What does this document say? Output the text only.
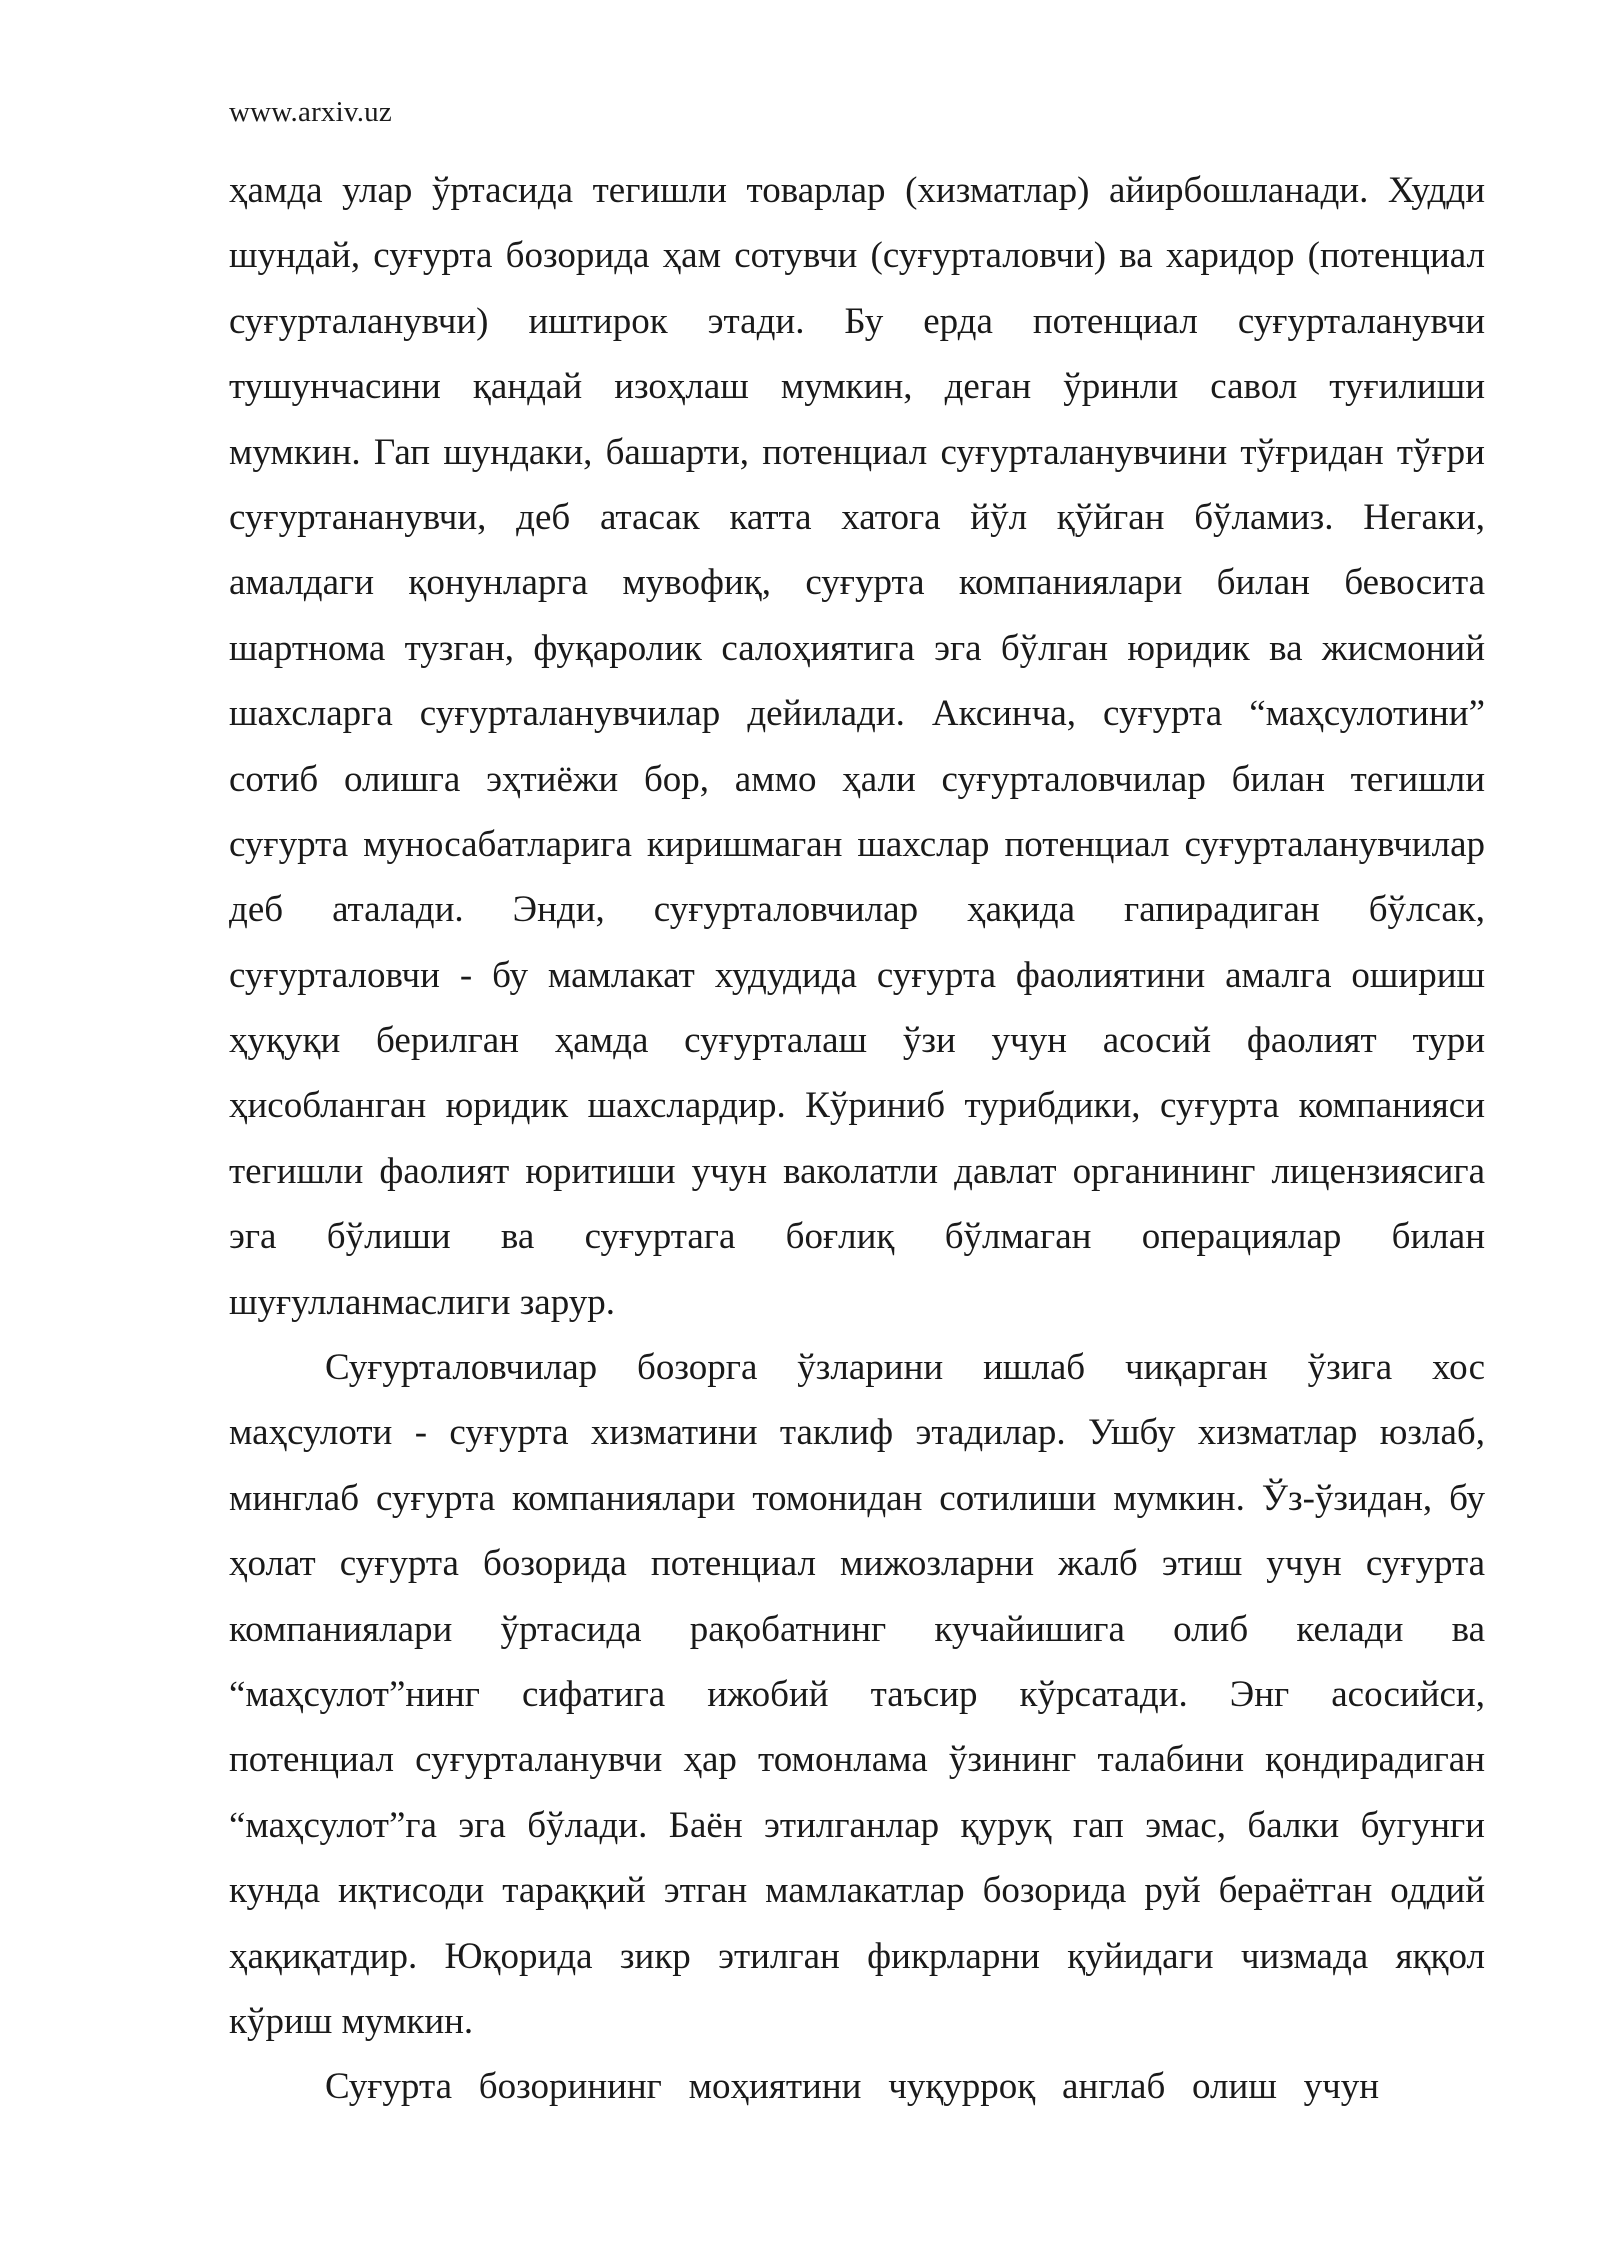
www.arxiv.uz
ҳамда улар ўртасида тегишли товарлар (хизматлар) айирбошланади. Худди
шундай, суғурта бозорида ҳам сотувчи (суғурталовчи) ва харидор (потенциал
суғурталанувчи) иштирок этади. Бу ерда потенциал суғурталанувчи
тушунчасини қандай изоҳлаш мумкин, деган ўринли савол туғилиши
мумкин. Гап шундаки, башарти, потенциал суғурталанувчини тўғридан тўғри
суғуртананувчи, деб атасак катта хатога йўл қўйган бўламиз. Негаки,
амалдаги қонунларга мувофиқ, суғурта компаниялари билан бевосита
шартнома тузган, фуқаролик салоҳиятига эга бўлган юридик ва жисмоний
шахсларга суғурталанувчилар дейилади. Аксинча, суғурта “маҳсулотини”
сотиб олишга эҳтиёжи бор, аммо ҳали суғурталовчилар билан тегишли
суғурта муносабатларига киришмаган шахслар потенциал суғурталанувчилар
деб аталади. Энди, суғурталовчилар ҳақида гапирадиган бўлсак,
суғурталовчи - бу мамлакат худудида суғурта фаолиятини амалга ошириш
ҳуқуқи берилган ҳамда суғурталаш ўзи учун асосий фаолият тури
ҳисобланган юридик шахслардир. Кўриниб турибдики, суғурта компанияси
тегишли фаолият юритиши учун ваколатли давлат органининг лицензиясига
эга бўлиши ва суғуртага боғлиқ бўлмаган операциялар билан
шуғулланмаслиги зарур.
Суғурталовчилар бозорга ўзларини ишлаб чиқарган ўзига хос
маҳсулоти - суғурта хизматини таклиф этадилар. Ушбу хизматлар юзлаб,
минглаб суғурта компаниялари томонидан сотилиши мумкин. Ўз-ўзидан, бу
ҳолат суғурта бозорида потенциал мижозларни жалб этиш учун суғурта
компаниялари ўртасида рақобатнинг кучайишига олиб келади ва
“маҳсулот”нинг сифатига ижобий таъсир кўрсатади. Энг асосийси,
потенциал суғурталанувчи ҳар томонлама ўзининг талабини қондирадиган
“маҳсулот”га эга бўлади. Баён этилганлар қуруқ гап эмас, балки бугунги
кунда иқтисоди тараққий этган мамлакатлар бозорида руй бераётган оддий
ҳақиқатдир. Юқорида зикр этилган фикрларни қуйидаги чизмада яққол
кўриш мумкин.
Суғурта бозорининг моҳиятини чуқурроқ англаб олиш учун
